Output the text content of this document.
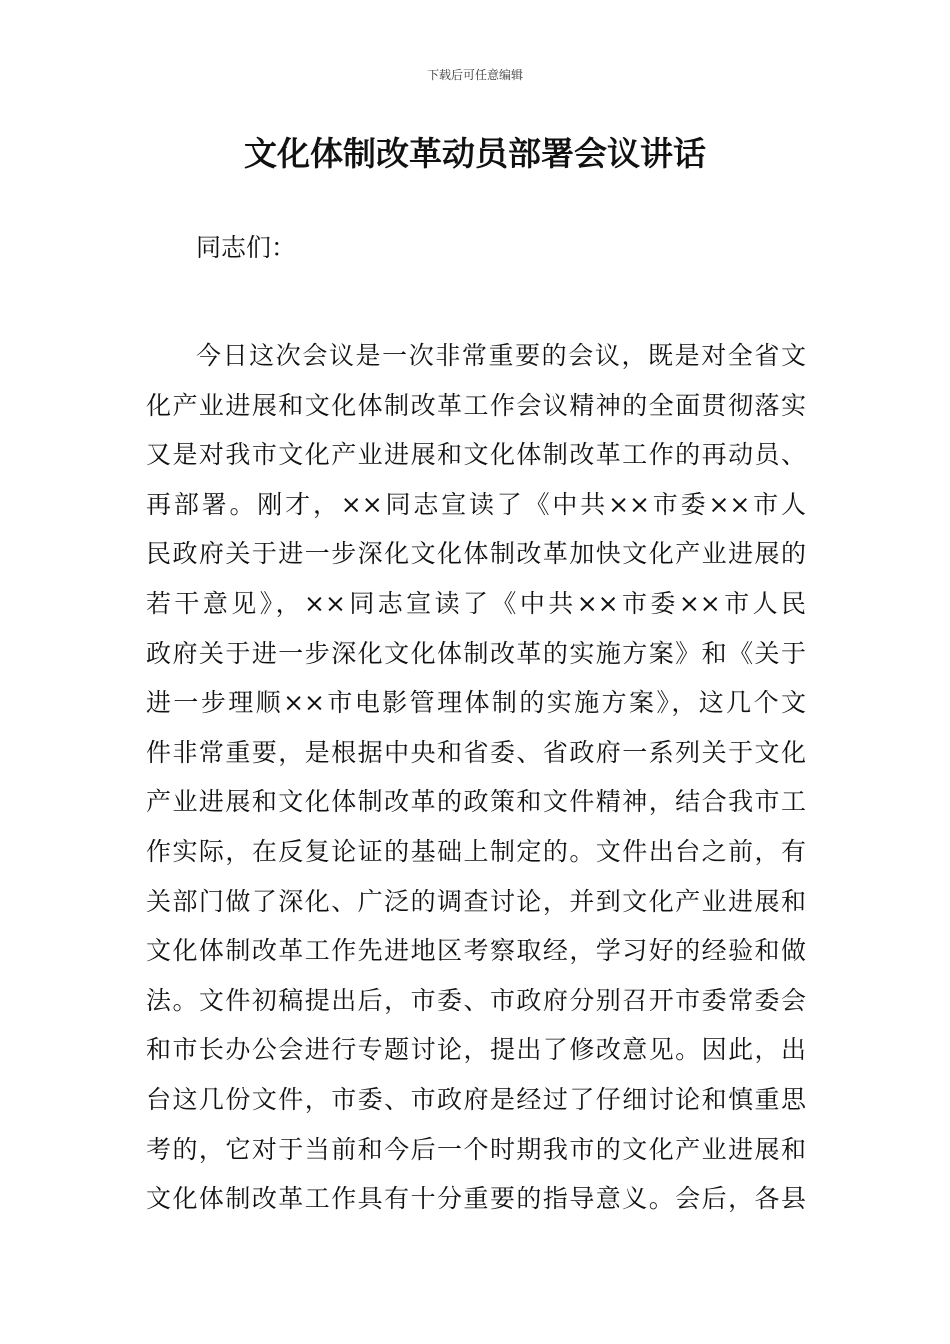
下载后可任意编辑
文化体制改革动员部署会议讲话
同志们：
今日这次会议是一次非常重要的会议，既是对全省文
化产业进展和文化体制改革工作会议精神的全面贯彻落实
又是对我市文化产业进展和文化体制改革工作的再动员、
再部署。刚才，××同志宣读了《中共××市委××市人
民政府关于进一步深化文化体制改革加快文化产业进展的
若干意见》，××同志宣读了《中共××市委××市人民
政府关于进一步深化文化体制改革的实施方案》和《关于
进一步理顺××市电影管理体制的实施方案》，这几个文
件非常重要，是根据中央和省委、省政府一系列关于文化
产业进展和文化体制改革的政策和文件精神，结合我市工
作实际，在反复论证的基础上制定的。文件出台之前，有
关部门做了深化、广泛的调查讨论，并到文化产业进展和
文化体制改革工作先进地区考察取经，学习好的经验和做
法。文件初稿提出后，市委、市政府分别召开市委常委会
和市长办公会进行专题讨论，提出了修改意见。因此，出
台这几份文件，市委、市政府是经过了仔细讨论和慎重思
考的，它对于当前和今后一个时期我市的文化产业进展和
文化体制改革工作具有十分重要的指导意义。会后，各县
